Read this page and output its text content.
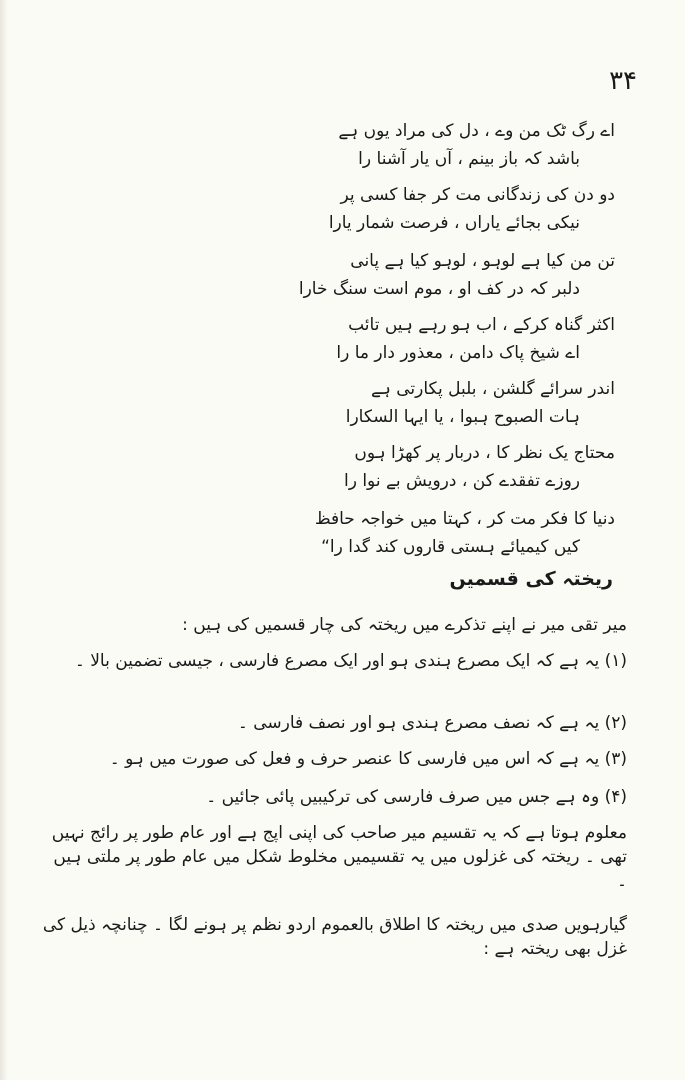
۳۴
اے رگ ٹک من وے ، دل کی مراد یوں ہے
باشد کہ باز بینم ، آں یار آشنا را
دو دن کی زندگانی مت کر جفا کسی پر
نیکی بجائے یاراں ، فرصت شمار یارا
تن من کیا ہے لوہو ، لوہو کیا ہے پانی
دلبر کہ در کف او ، موم است سنگ خارا
اکثر گناہ کرکے ، اب ہو رہے ہیں تائب
اے شیخ پاک دامن ، معذور دار ما را
اندر سرائے گلشن ، بلبل پکارتی ہے
ہات الصبوح ہبوا ، یا ایہا السکارا
محتاج یک نظر کا ، دربار پر کھڑا ہوں
روزے تفقدے کن ، درویش بے نوا را
دنیا کا فکر مت کر ، کہتا میں خواجہ حافظ
کیں کیمیائے ہستی قاروں کند گدا را“
ریختہ کی قسمیں
میر تقی میر نے اپنے تذکرے میں ریختہ کی چار قسمیں کی ہیں :
(۱) یہ ہے کہ ایک مصرع ہندی ہو اور ایک مصرع فارسی ، جیسی تضمین بالا ۔
(۲) یہ ہے کہ نصف مصرع ہندی ہو اور نصف فارسی ۔
(۳) یہ ہے کہ اس میں فارسی کا عنصر حرف و فعل کی صورت میں ہو ۔
(۴) وہ ہے جس میں صرف فارسی کی ترکیبیں پائی جائیں ۔
معلوم ہوتا ہے کہ یہ تقسیم میر صاحب کی اپنی اپج ہے اور عام طور پر رائج نہیں تھی ۔ ریختہ کی غزلوں میں یہ تقسیمیں مخلوط شکل میں عام طور پر ملتی ہیں ۔
گیارہویں صدی میں ریختہ کا اطلاق بالعموم اردو نظم پر ہونے لگا ۔ چنانچہ ذیل کی غزل بھی ریختہ ہے :
